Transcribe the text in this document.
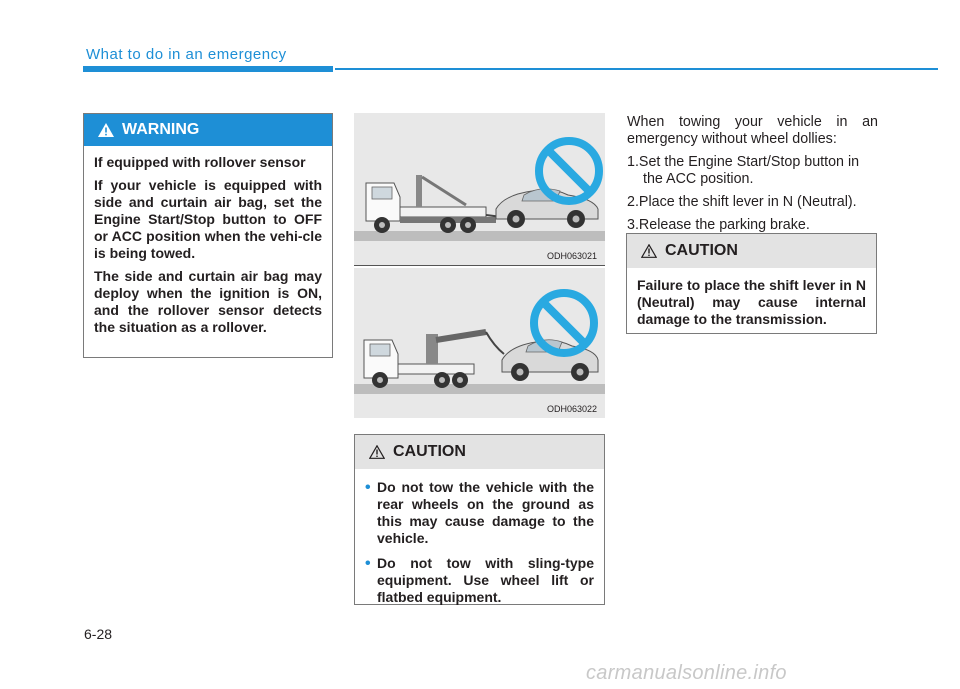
What to do in an emergency
WARNING

If equipped with rollover sensor

If your vehicle is equipped with side and curtain air bag, set the Engine Start/Stop button to OFF or ACC position when the vehi-cle is being towed.

The side and curtain air bag may deploy when the ignition is ON, and the rollover sensor detects the situation as a rollover.

ODH063021
ODH063022
CAUTION
• Do not tow the vehicle with the rear wheels on the ground as this may cause damage to the vehicle.
• Do not tow with sling-type equipment. Use wheel lift or flatbed equipment.

When towing your vehicle in an emergency without wheel dollies:

1.Set the Engine Start/Stop button in the ACC position.

2.Place the shift lever in N (Neutral).

3.Release the parking brake.

CAUTION

Failure to place the shift lever in N (Neutral) may cause internal damage to the transmission.

6-28
carmanualsonline.info
